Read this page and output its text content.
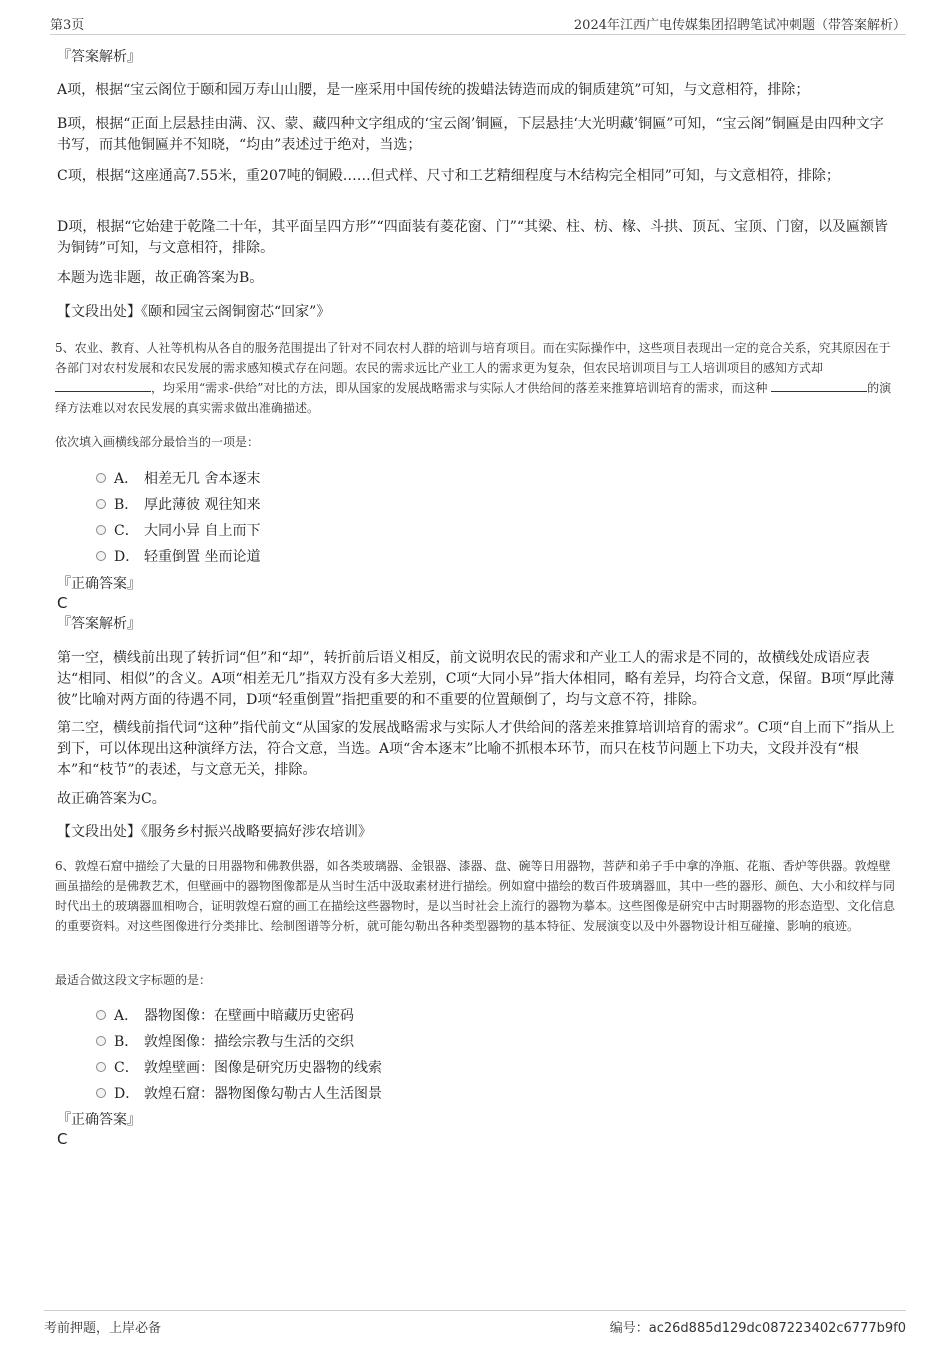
第3页	2024年江西广电传媒集团招聘笔试冲刺题（带答案解析）
『答案解析』
A项，根据“宝云阁位于颐和园万寿山山腰，是一座采用中国传统的拨蜡法铸造而成的铜质建筑”可知，与文意相符，排除；
B项，根据“正面上层悬挂由满、汉、蒙、藏四种文字组成的‘宝云阁’铜匾，下层悬挂‘大光明藏’铜匾”可知，“宝云阁”铜匾是由四种文字书写，而其他铜匾并不知晓，“均由”表述过于绝对，当选；
C项，根据“这座通高7.55米，重207吨的铜殿……但式样、尺寸和工艺精细程度与木结构完全相同”可知，与文意相符，排除；
D项，根据“它始建于乾隆二十年，其平面呈四方形”“四面装有菱花窗、门”“其梁、柱、枋、椽、斗拱、顶瓦、宝顶、门窗，以及匾额皆为铜铸”可知，与文意相符，排除。
本题为选非题，故正确答案为B。
【文段出处】《颐和园宝云阁铜窗芯“回家”》
5、农业、教育、人社等机构从各自的服务范围提出了针对不同农村人群的培训与培育项目。而在实际操作中，这些项目表现出一定的竞合关系，究其原因在于各部门对农村发展和农民发展的需求感知模式存在问题。农民的需求远比产业工人的需求更为复杂，但农民培训项目与工人培训项目的感知方式却 ，均采用“需求-供给”对比的方法，即从国家的发展战略需求与实际人才供给间的落差来推算培训培育的需求，而这种	的演绎方法难以对农民发展的真实需求做出准确描述。
依次填入画横线部分最恰当的一项是：
A． 相差无几 舍本逐末
B． 厚此薄彼 观往知来
C． 大同小异 自上而下
D． 轻重倒置 坐而论道
『正确答案』
C
『答案解析』
第一空，横线前出现了转折词“但”和“却”，转折前后语义相反，前文说明农民的需求和产业工人的需求是不同的，故横线处成语应表达“相同、相似”的含义。A项“相差无几”指双方没有多大差别，C项“大同小异”指大体相同，略有差异，均符合文意，保留。B项“厚此薄彼”比喻对两方面的待遇不同，D项“轻重倒置”指把重要的和不重要的位置颠倒了，均与文意不符，排除。
第二空，横线前指代词“这种”指代前文“从国家的发展战略需求与实际人才供给间的落差来推算培训培育的需求”。C项“自上而下”指从上到下，可以体现出这种演绎方法，符合文意，当选。A项“舍本逐末”比喻不抓根本环节，而只在枝节问题上下功夫，文段并没有“根本”和“枝节”的表述，与文意无关，排除。
故正确答案为C。
【文段出处】《服务乡村振兴战略要搞好涉农培训》
6、敦煌石窟中描绘了大量的日用器物和佛教供器，如各类玻璃器、金银器、漆器、盘、碗等日用器物，菩萨和弟子手中拿的净瓶、花瓶、香炉等供器。敦煌壁画虽描绘的是佛教艺术，但壁画中的器物图像都是从当时生活中汲取素材进行描绘。例如窟中描绘的数百件玻璃器皿，其中一些的器形、颜色、大小和纹样与同时代出土的玻璃器皿相吻合，证明敦煌石窟的画工在描绘这些器物时，是以当时社会上流行的器物为摹本。这些图像是研究中古时期器物的形态造型、文化信息的重要资料。对这些图像进行分类排比、绘制图谱等分析，就可能勾勒出各种类型器物的基本特征、发展演变以及中外器物设计相互碰撞、影响的痕迹。
最适合做这段文字标题的是：
A． 器物图像：在壁画中暗藏历史密码
B． 敦煌图像：描绘宗教与生活的交织
C． 敦煌壁画：图像是研究历史器物的线索
D． 敦煌石窟：器物图像勾勒古人生活图景
『正确答案』
C
考前押题，上岸必备	编号：ac26d885d129dc087223402c6777b9f0
